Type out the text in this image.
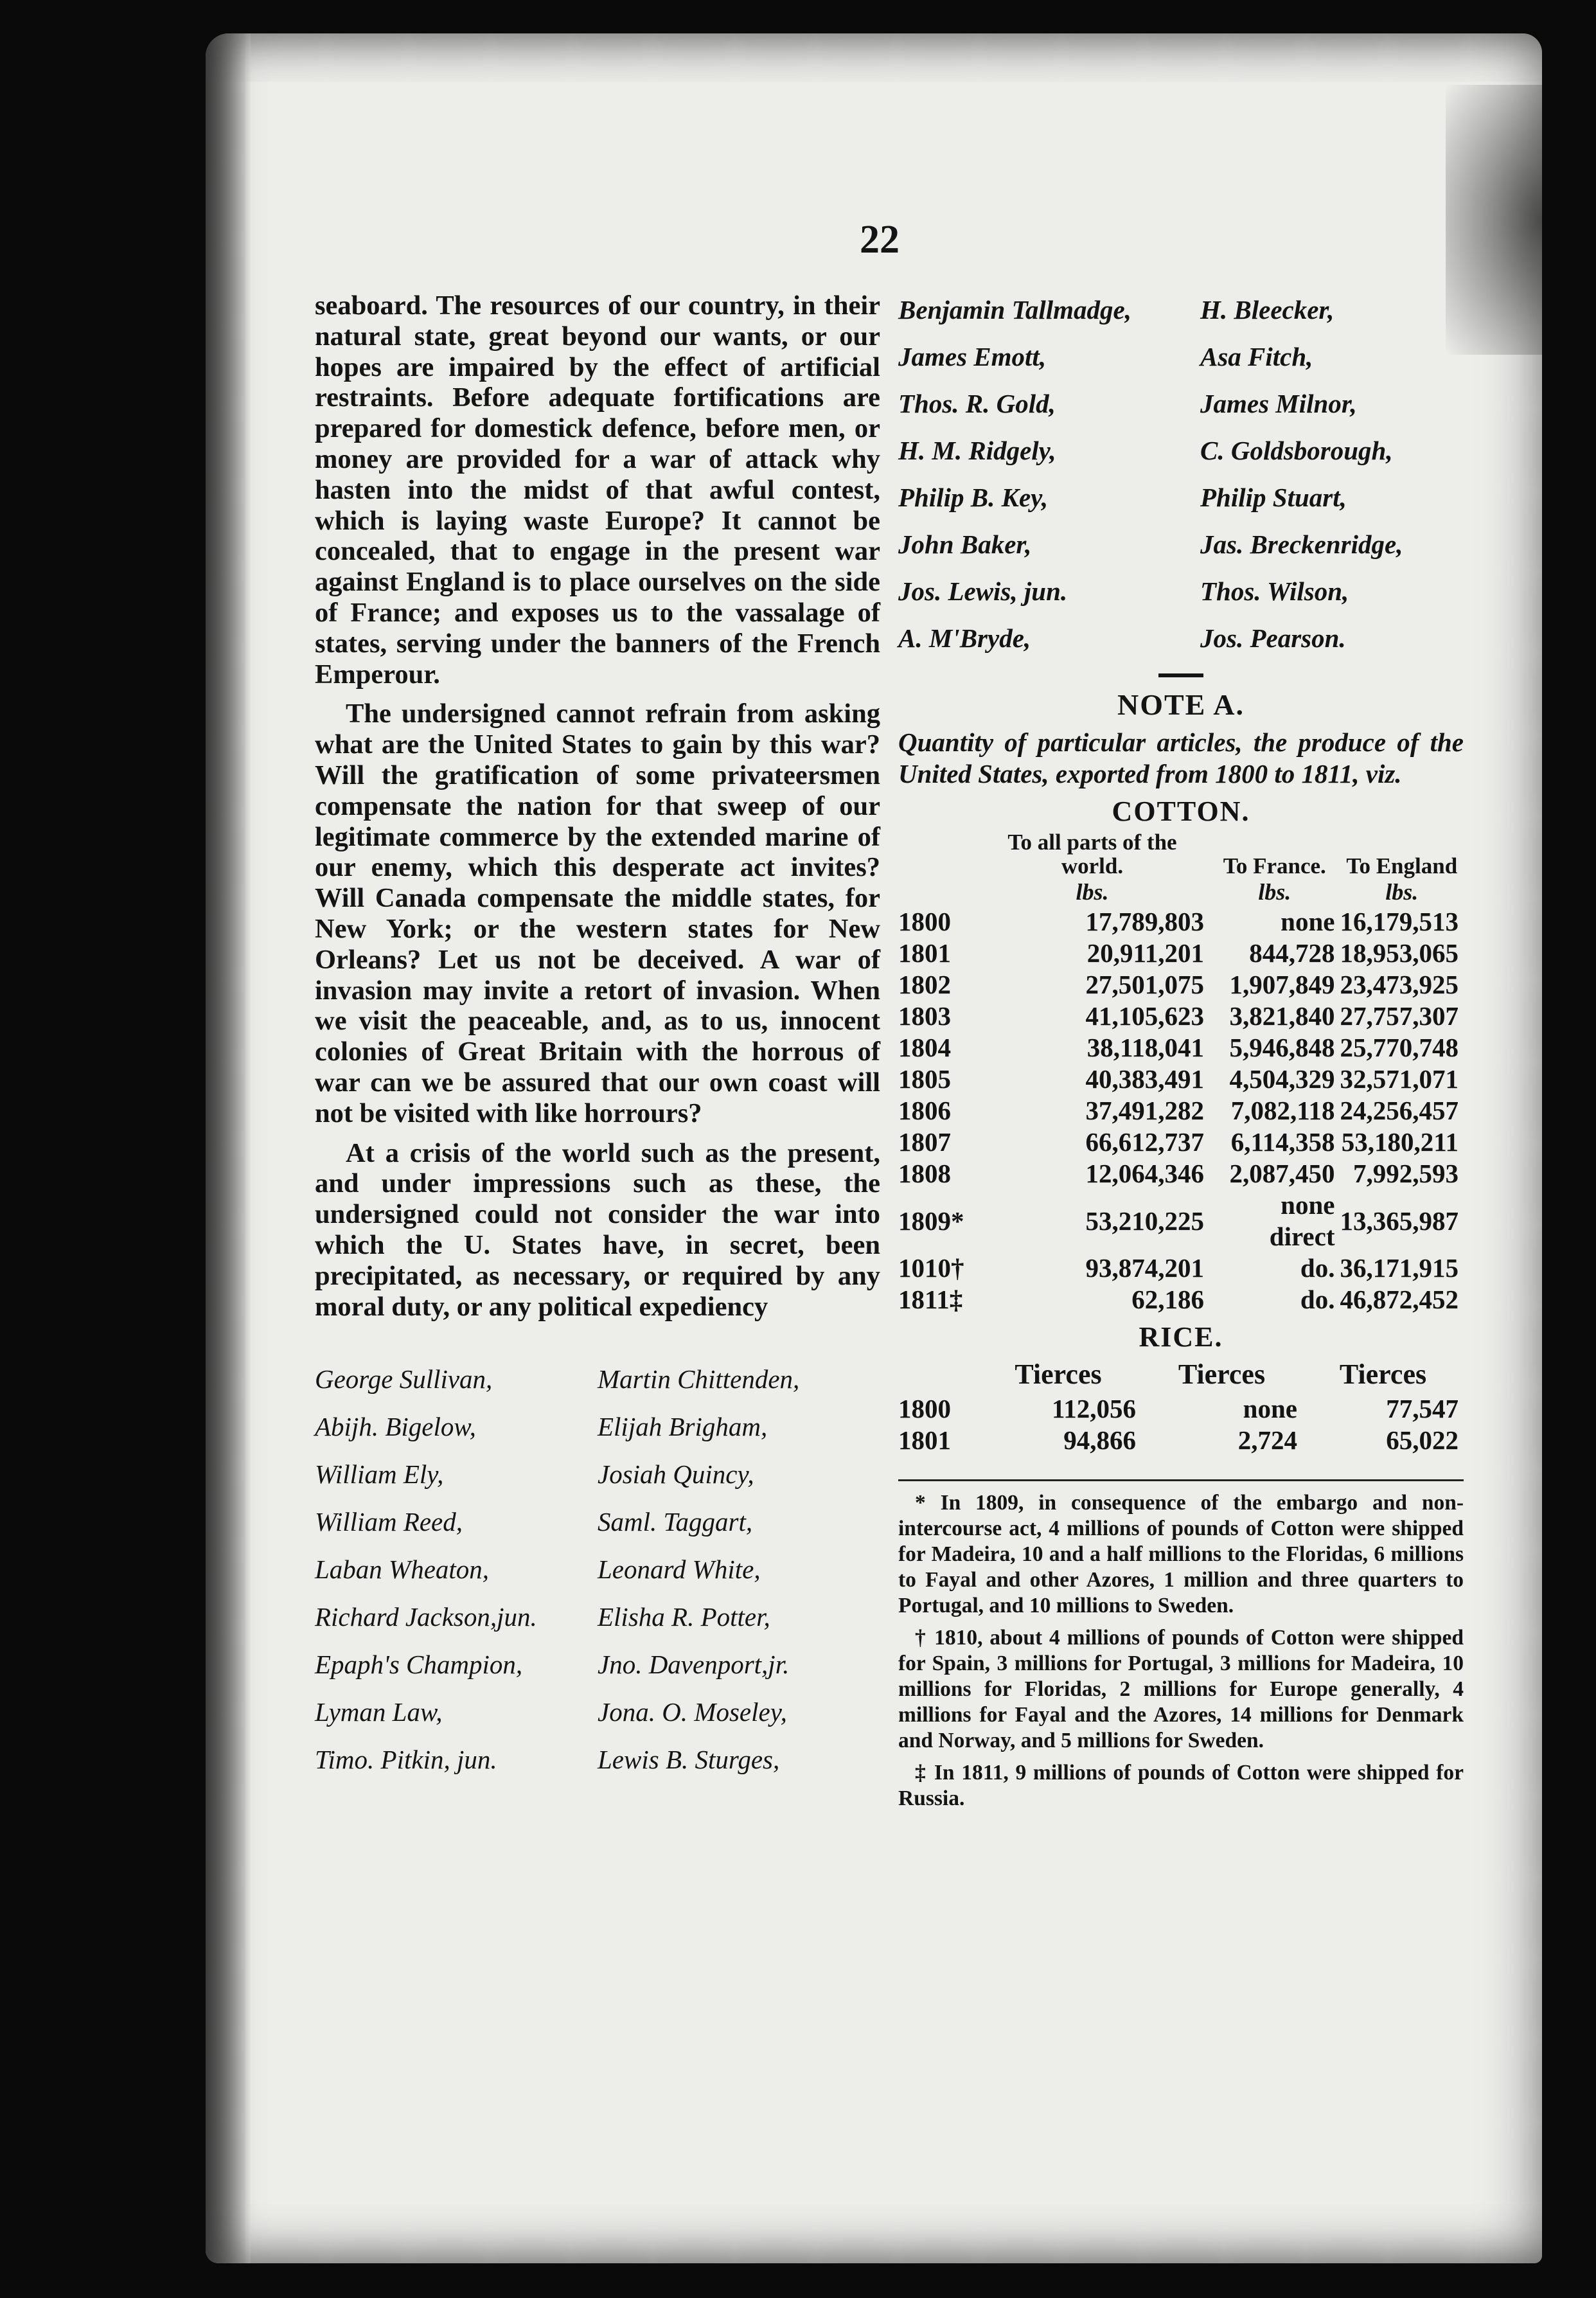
22

seaboard. The resources of our country, in their natural state, great beyond our wants, or our hopes are impaired by the effect of artificial restraints. Before adequate fortifications are prepared for domestick defence, before men, or money are provided for a war of attack why hasten into the midst of that awful contest, which is laying waste Europe? It cannot be concealed, that to engage in the present war against England is to place ourselves on the side of France; and exposes us to the vassalage of states, serving under the banners of the French Emperour.

The undersigned cannot refrain from asking what are the United States to gain by this war? Will the gratification of some privateersmen compensate the nation for that sweep of our legitimate commerce by the extended marine of our enemy, which this desperate act invites? Will Canada compensate the middle states, for New York; or the western states for New Orleans? Let us not be deceived. A war of invasion may invite a retort of invasion. When we visit the peaceable, and, as to us, innocent colonies of Great Britain with the horrous of war can we be assured that our own coast will not be visited with like horrours?

At a crisis of the world such as the present, and under impressions such as these, the undersigned could not consider the war into which the U. States have, in secret, been precipitated, as necessary, or required by any moral duty, or any political expediency

George Sullivan,	Martin Chittenden,
Abijh. Bigelow,	Elijah Brigham,
William Ely,	Josiah Quincy,
William Reed,	Saml. Taggart,
Laban Wheaton,	Leonard White,
Richard Jackson,jun.	Elisha R. Potter,
Epaph's Champion,	Jno. Davenport,jr.
Lyman Law,	Jona. O. Moseley,
Timo. Pitkin, jun.	Lewis B. Sturges,
Benjamin Tallmadge,	H. Bleecker,
James Emott,	Asa Fitch,
Thos. R. Gold,	James Milnor,
H. M. Ridgely,	C. Goldsborough,
Philip B. Key,	Philip Stuart,
John Baker,	Jas. Breckenridge,
Jos. Lewis, jun.	Thos. Wilson,
A. M'Bryde,	Jos. Pearson.
NOTE A.
Quantity of particular articles, the produce of the United States, exported from 1800 to 1811, viz.
COTTON.
	To all parts of the world.	To France.	To England
	lbs.	lbs.	lbs.
1800	17,789,803	none	16,179,513
1801	20,911,201	844,728	18,953,065
1802	27,501,075	1,907,849	23,473,925
1803	41,105,623	3,821,840	27,757,307
1804	38,118,041	5,946,848	25,770,748
1805	40,383,491	4,504,329	32,571,071
1806	37,491,282	7,082,118	24,256,457
1807	66,612,737	6,114,358	53,180,211
1808	12,064,346	2,087,450	7,992,593
1809*	53,210,225	none direct	13,365,987
1010†	93,874,201	do.	36,171,915
1811‡	62,186	do.	46,872,452
RICE.
	Tierces	Tierces	Tierces
1800	112,056	none	77,547
1801	94,866	2,724	65,022

* In 1809, in consequence of the embargo and non-intercourse act, 4 millions of pounds of Cotton were shipped for Madeira, 10 and a half millions to the Floridas, 6 millions to Fayal and other Azores, 1 million and three quarters to Portugal, and 10 millions to Sweden.

† 1810, about 4 millions of pounds of Cotton were shipped for Spain, 3 millions for Portugal, 3 millions for Madeira, 10 millions for Floridas, 2 millions for Europe generally, 4 millions for Fayal and the Azores, 14 millions for Denmark and Norway, and 5 millions for Sweden.

‡ In 1811, 9 millions of pounds of Cotton were shipped for Russia.
